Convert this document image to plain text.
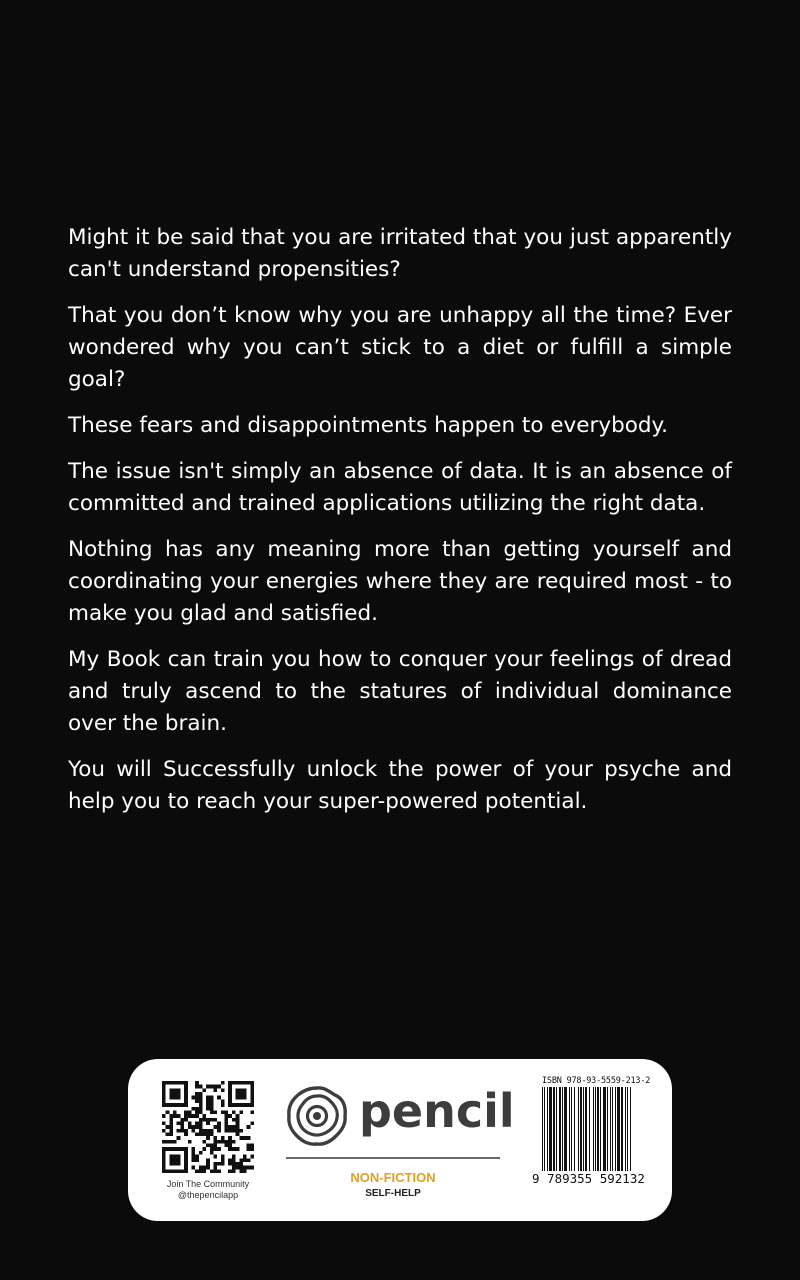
Might it be said that you are irritated that you just apparently can't understand propensities?

That you don’t know why you are unhappy all the time? Ever wondered why you can’t stick to a diet or fulfill a simple goal?

These fears and disappointments happen to everybody.

The issue isn't simply an absence of data. It is an absence of committed and trained applications utilizing the right data.

Nothing has any meaning more than getting yourself and coordinating your energies where they are required most - to make you glad and satisfied.

My Book can train you how to conquer your feelings of dread and truly ascend to the statures of individual dominance over the brain.

You will Successfully unlock the power of your psyche and help you to reach your super-powered potential.

Join The Community
@thepencilapp
pencil
NON-FICTION
SELF-HELP
ISBN 978-93-5559-213-2
9 789355 592132
